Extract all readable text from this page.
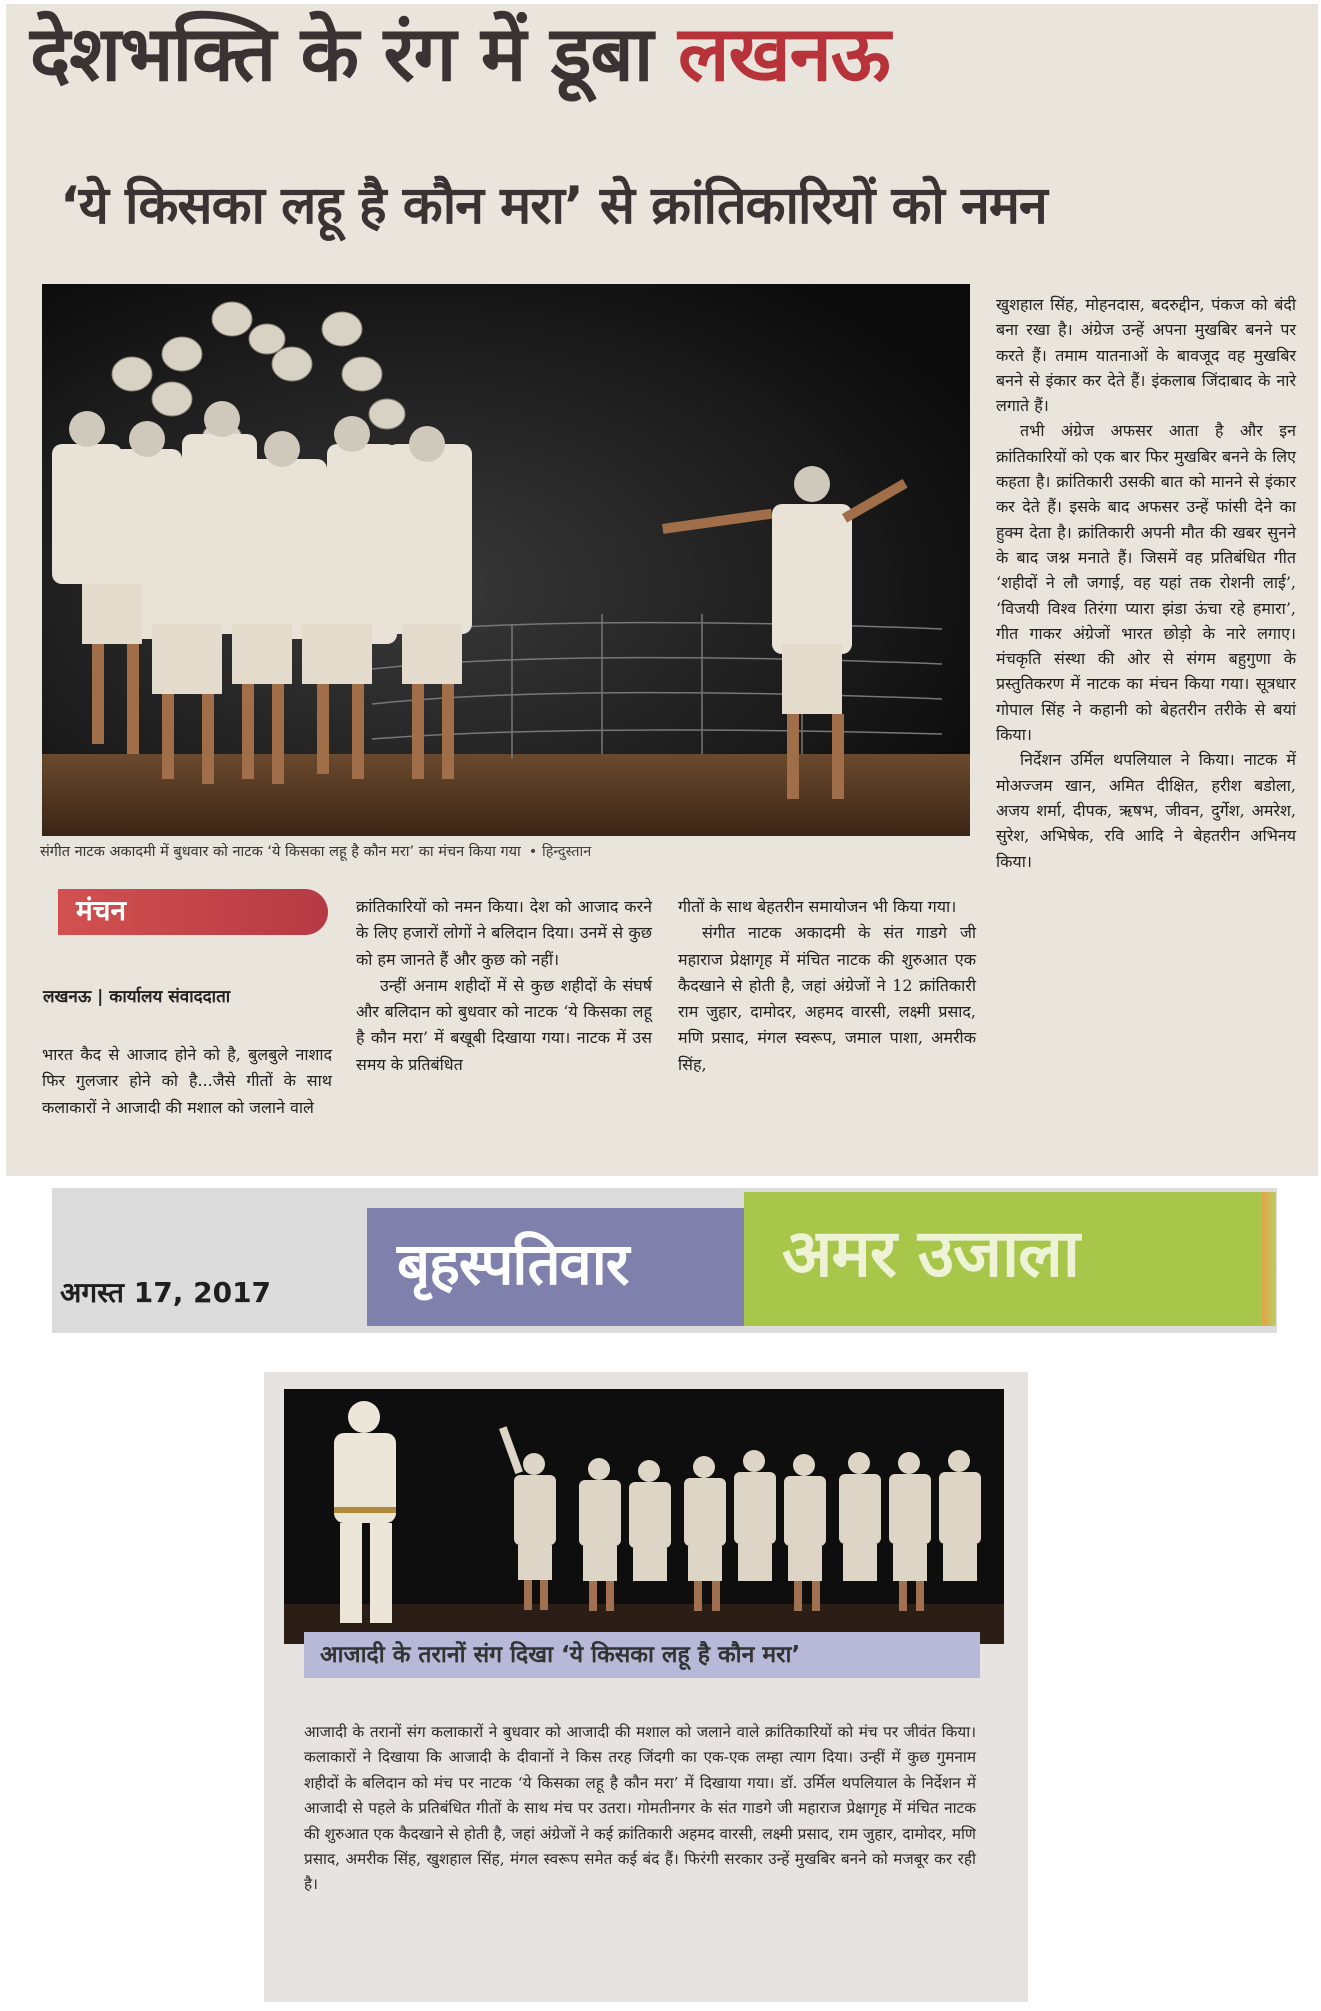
देशभक्ति के रंग में डूबा लखनऊ
‘ये किसका लहू है कौन मरा’ से क्रांतिकारियों को नमन
संगीत नाटक अकादमी में बुधवार को नाटक ‘ये किसका लहू है कौन मरा’ का मंचन किया गया • हिन्दुस्तान
मंचन
लखनऊ | कार्यालय संवाददाता

भारत कैद से आजाद होने को है, बुलबुले नाशाद फिर गुलजार होने को है...जैसे गीतों के साथ कलाकारों ने आजादी की मशाल को जलाने वाले

क्रांतिकारियों को नमन किया। देश को आजाद करने के लिए हजारों लोगों ने बलिदान दिया। उनमें से कुछ को हम जानते हैं और कुछ को नहीं।

उन्हीं अनाम शहीदों में से कुछ शहीदों के संघर्ष और बलिदान को बुधवार को नाटक ‘ये किसका लहू है कौन मरा’ में बखूबी दिखाया गया। नाटक में उस समय के प्रतिबंधित

गीतों के साथ बेहतरीन समायोजन भी किया गया।

संगीत नाटक अकादमी के संत गाडगे जी महाराज प्रेक्षागृह में मंचित नाटक की शुरुआत एक कैदखाने से होती है, जहां अंग्रेजों ने 12 क्रांतिकारी राम जुहार, दामोदर, अहमद वारसी, लक्ष्मी प्रसाद, मणि प्रसाद, मंगल स्वरूप, जमाल पाशा, अमरीक सिंह,

खुशहाल सिंह, मोहनदास, बदरुद्दीन, पंकज को बंदी बना रखा है। अंग्रेज उन्हें अपना मुखबिर बनने पर करते हैं। तमाम यातनाओं के बावजूद वह मुखबिर बनने से इंकार कर देते हैं। इंकलाब जिंदाबाद के नारे लगाते हैं।

तभी अंग्रेज अफसर आता है और इन क्रांतिकारियों को एक बार फिर मुखबिर बनने के लिए कहता है। क्रांतिकारी उसकी बात को मानने से इंकार कर देते हैं। इसके बाद अफसर उन्हें फांसी देने का हुक्म देता है। क्रांतिकारी अपनी मौत की खबर सुनने के बाद जश्न मनाते हैं। जिसमें वह प्रतिबंधित गीत ‘शहीदों ने लौ जगाई, वह यहां तक रोशनी लाई’, ‘विजयी विश्व तिरंगा प्यारा झंडा ऊंचा रहे हमारा’, गीत गाकर अंग्रेजों भारत छोड़ो के नारे लगाए। मंचकृति संस्था की ओर से संगम बहुगुणा के प्रस्तुतिकरण में नाटक का मंचन किया गया। सूत्रधार गोपाल सिंह ने कहानी को बेहतरीन तरीके से बयां किया।

निर्देशन उर्मिल थपलियाल ने किया। नाटक में मोअज्जम खान, अमित दीक्षित, हरीश बडोला, अजय शर्मा, दीपक, ऋषभ, जीवन, दुर्गेश, अमरेश, सुरेश, अभिषेक, रवि आदि ने बेहतरीन अभिनय किया।

अगस्त 17, 2017 बृहस्पतिवार अमर उजाला
आजादी के तरानों संग दिखा ‘ये किसका लहू है कौन मरा’

आजादी के तरानों संग कलाकारों ने बुधवार को आजादी की मशाल को जलाने वाले क्रांतिकारियों को मंच पर जीवंत किया। कलाकारों ने दिखाया कि आजादी के दीवानों ने किस तरह जिंदगी का एक-एक लम्हा त्याग दिया। उन्हीं में कुछ गुमनाम शहीदों के बलिदान को मंच पर नाटक ‘ये किसका लहू है कौन मरा’ में दिखाया गया। डॉ. उर्मिल थपलियाल के निर्देशन में आजादी से पहले के प्रतिबंधित गीतों के साथ मंच पर उतरा। गोमतीनगर के संत गाडगे जी महाराज प्रेक्षागृह में मंचित नाटक की शुरुआत एक कैदखाने से होती है, जहां अंग्रेजों ने कई क्रांतिकारी अहमद वारसी, लक्ष्मी प्रसाद, राम जुहार, दामोदर, मणि प्रसाद, अमरीक सिंह, खुशहाल सिंह, मंगल स्वरूप समेत कई बंद हैं। फिरंगी सरकार उन्हें मुखबिर बनने को मजबूर कर रही है।
